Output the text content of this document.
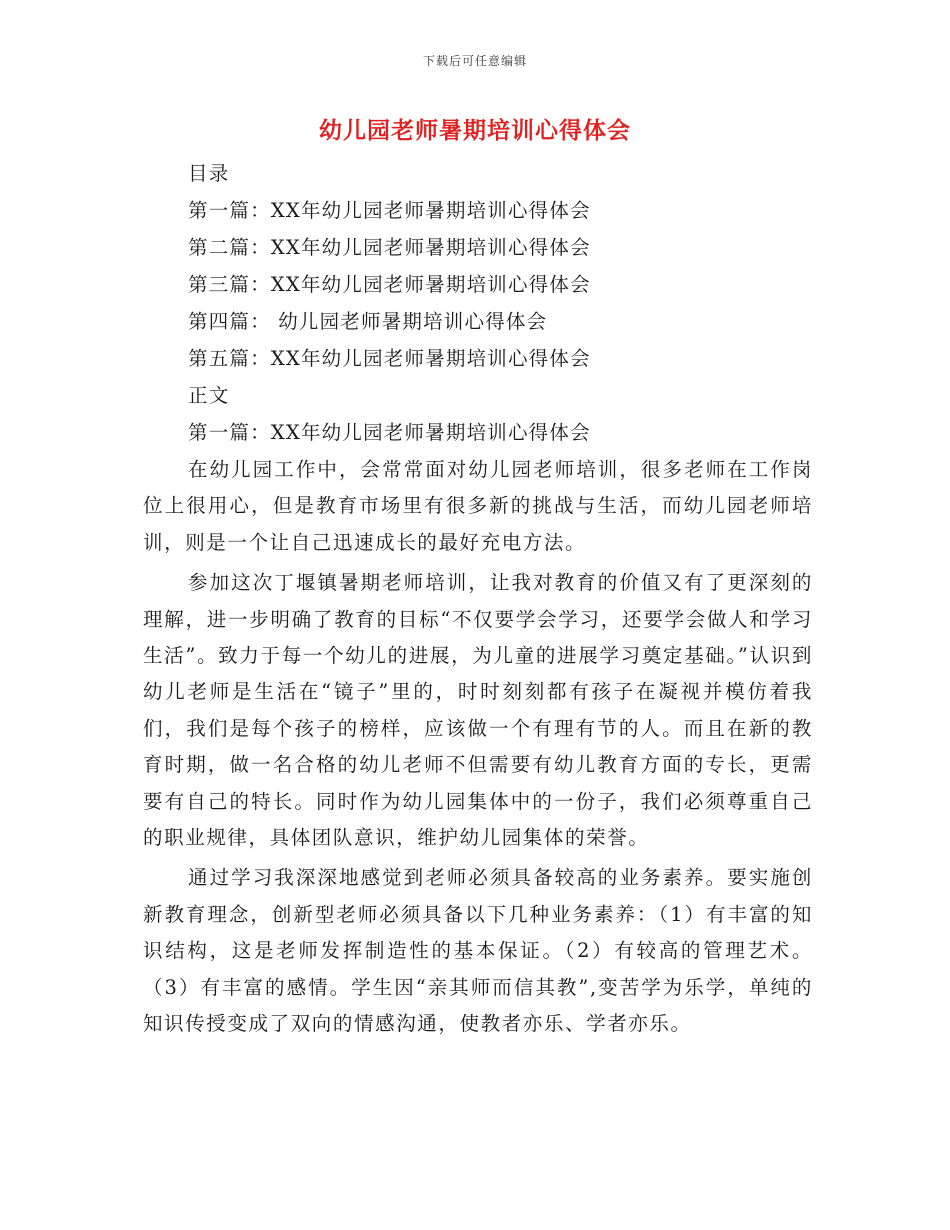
下载后可任意编辑
幼儿园老师暑期培训心得体会
目录
第一篇：XX年幼儿园老师暑期培训心得体会
第二篇：XX年幼儿园老师暑期培训心得体会
第三篇：XX年幼儿园老师暑期培训心得体会
第四篇： 幼儿园老师暑期培训心得体会
第五篇：XX年幼儿园老师暑期培训心得体会
正文
第一篇：XX年幼儿园老师暑期培训心得体会

在幼儿园工作中，会常常面对幼儿园老师培训，很多老师在工作岗位上很用心，但是教育市场里有很多新的挑战与生活，而幼儿园老师培训，则是一个让自己迅速成长的最好充电方法。

参加这次丁堰镇暑期老师培训，让我对教育的价值又有了更深刻的理解，进一步明确了教育的目标“不仅要学会学习，还要学会做人和学习生活”。致力于每一个幼儿的进展，为儿童的进展学习奠定基础。”认识到幼儿老师是生活在“镜子”里的，时时刻刻都有孩子在凝视并模仿着我们，我们是每个孩子的榜样，应该做一个有理有节的人。而且在新的教育时期，做一名合格的幼儿老师不但需要有幼儿教育方面的专长，更需要有自己的特长。同时作为幼儿园集体中的一份子，我们必须尊重自己的职业规律，具体团队意识，维护幼儿园集体的荣誉。

通过学习我深深地感觉到老师必须具备较高的业务素养。要实施创新教育理念，创新型老师必须具备以下几种业务素养：（1）有丰富的知识结构，这是老师发挥制造性的基本保证。（2）有较高的管理艺术。（3）有丰富的感情。学生因“亲其师而信其教”,变苦学为乐学，单纯的知识传授变成了双向的情感沟通，使教者亦乐、学者亦乐。
